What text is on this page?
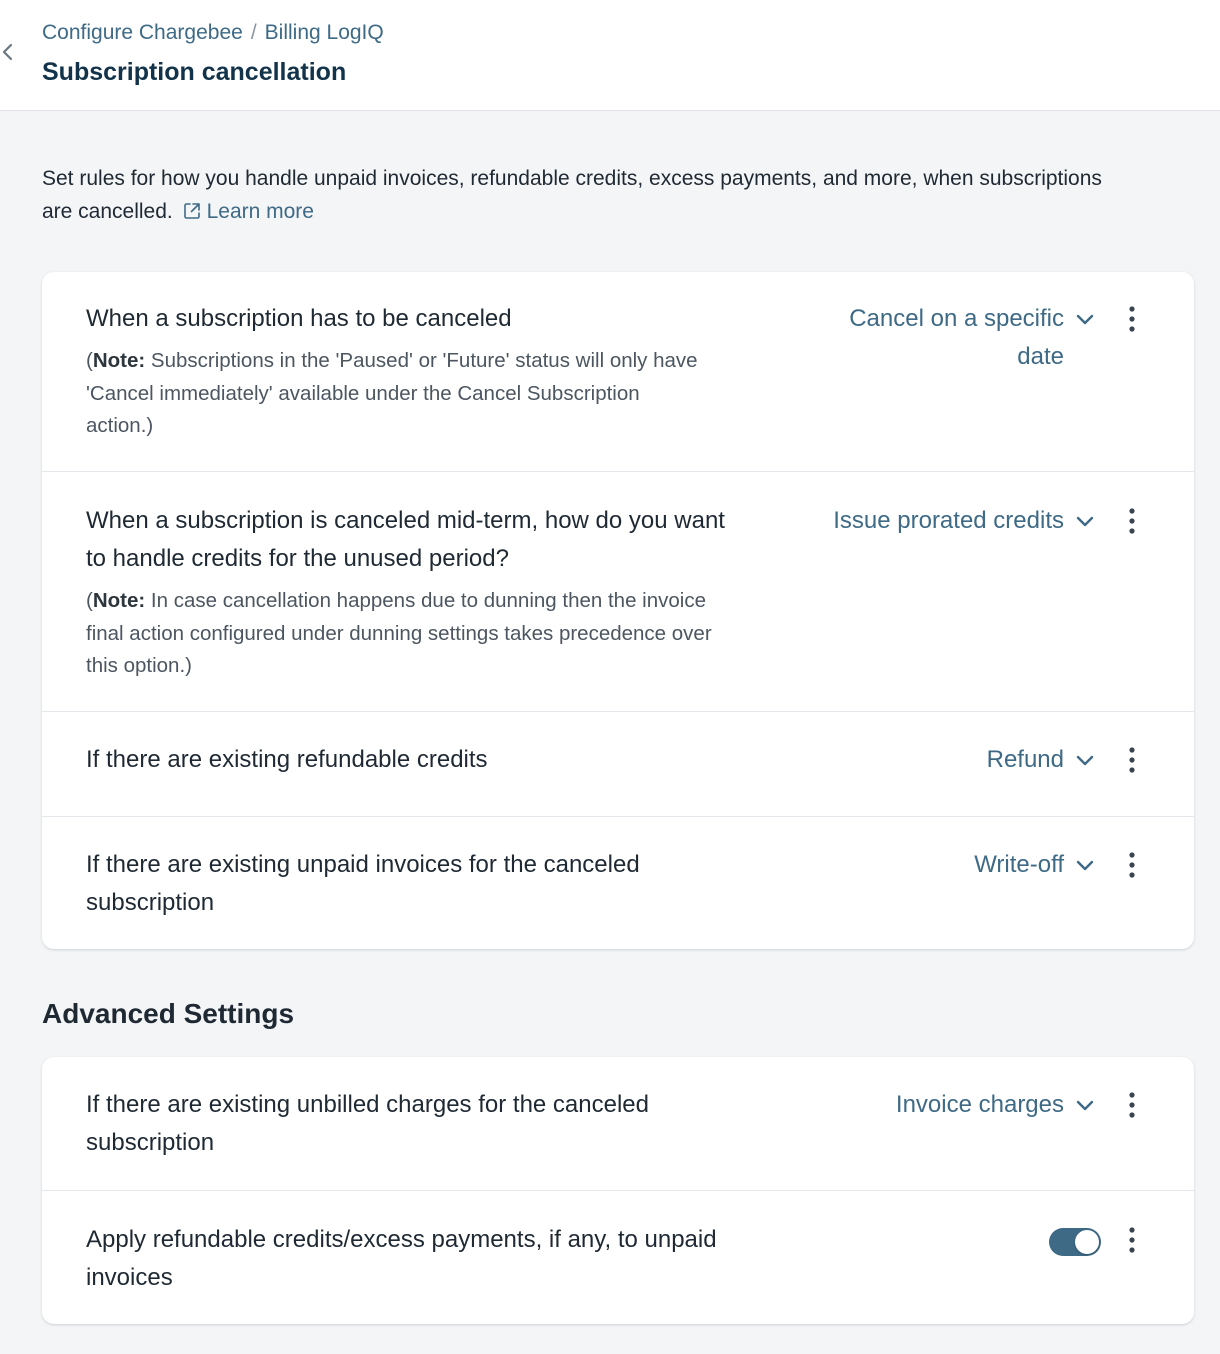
Configure Chargebee / Billing LogIQ
Subscription cancellation
Set rules for how you handle unpaid invoices, refundable credits, excess payments, and more, when subscriptions are cancelled. Learn more
When a subscription has to be canceled
(Note: Subscriptions in the 'Paused' or 'Future' status will only have 'Cancel immediately' available under the Cancel Subscription action.)
Cancel on a specific date
When a subscription is canceled mid-term, how do you want to handle credits for the unused period?
(Note: In case cancellation happens due to dunning then the invoice final action configured under dunning settings takes precedence over this option.)
Issue prorated credits
If there are existing refundable credits	Refund
If there are existing unpaid invoices for the canceled subscription
Write-off
Advanced Settings
If there are existing unbilled charges for the canceled subscription
Invoice charges
Apply refundable credits/excess payments, if any, to unpaid invoices
